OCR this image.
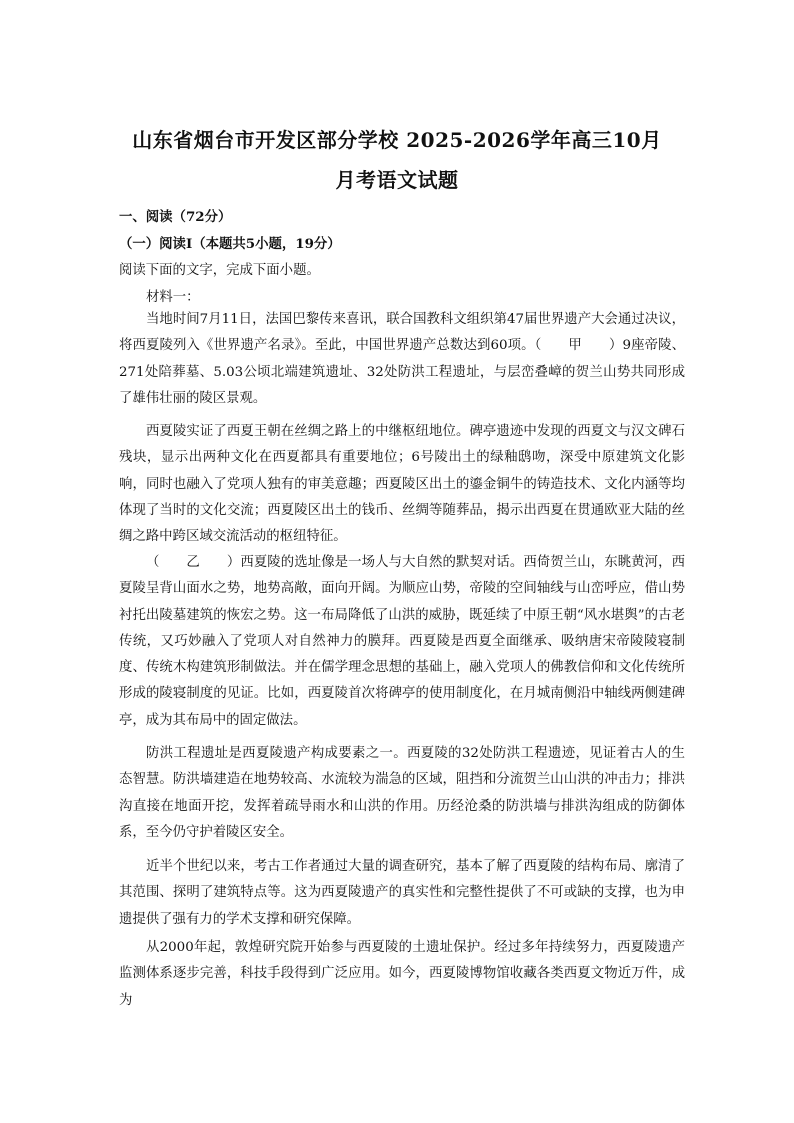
山东省烟台市开发区部分学校 2025-2026学年高三10月
月考语文试题
一、阅读（72分）
（一）阅读Ⅰ（本题共5小题，19分）
阅读下面的文字，完成下面小题。
材料一：

当地时间7月11日，法国巴黎传来喜讯，联合国教科文组织第47届世界遗产大会通过决议，将西夏陵列入《世界遗产名录》。至此，中国世界遗产总数达到60项。（　　甲　　）9座帝陵、271处陪葬墓、5.03公顷北端建筑遗址、32处防洪工程遗址，与层峦叠嶂的贺兰山势共同形成了雄伟壮丽的陵区景观。

西夏陵实证了西夏王朝在丝绸之路上的中继枢纽地位。碑亭遗迹中发现的西夏文与汉文碑石残块，显示出两种文化在西夏都具有重要地位；6号陵出土的绿釉鸱吻，深受中原建筑文化影响，同时也融入了党项人独有的审美意趣；西夏陵区出土的鎏金铜牛的铸造技术、文化内涵等均体现了当时的文化交流；西夏陵区出土的钱币、丝绸等随葬品，揭示出西夏在贯通欧亚大陆的丝绸之路中跨区域交流活动的枢纽特征。

（　　乙　　）西夏陵的选址像是一场人与大自然的默契对话。西倚贺兰山，东眺黄河，西夏陵呈背山面水之势，地势高敞，面向开阔。为顺应山势，帝陵的空间轴线与山峦呼应，借山势衬托出陵墓建筑的恢宏之势。这一布局降低了山洪的威胁，既延续了中原王朝“风水堪舆”的古老传统，又巧妙融入了党项人对自然神力的膜拜。西夏陵是西夏全面继承、吸纳唐宋帝陵陵寝制度、传统木构建筑形制做法。并在儒学理念思想的基础上，融入党项人的佛教信仰和文化传统所形成的陵寝制度的见证。比如，西夏陵首次将碑亭的使用制度化，在月城南侧沿中轴线两侧建碑亭，成为其布局中的固定做法。

防洪工程遗址是西夏陵遗产构成要素之一。西夏陵的32处防洪工程遗迹，见证着古人的生态智慧。防洪墙建造在地势较高、水流较为湍急的区域，阻挡和分流贺兰山山洪的冲击力；排洪沟直接在地面开挖，发挥着疏导雨水和山洪的作用。历经沧桑的防洪墙与排洪沟组成的防御体系，至今仍守护着陵区安全。

近半个世纪以来，考古工作者通过大量的调查研究，基本了解了西夏陵的结构布局、廓清了其范围、探明了建筑特点等。这为西夏陵遗产的真实性和完整性提供了不可或缺的支撑，也为申遗提供了强有力的学术支撑和研究保障。

从2000年起，敦煌研究院开始参与西夏陵的土遗址保护。经过多年持续努力，西夏陵遗产监测体系逐步完善，科技手段得到广泛应用。如今，西夏陵博物馆收藏各类西夏文物近万件，成为
